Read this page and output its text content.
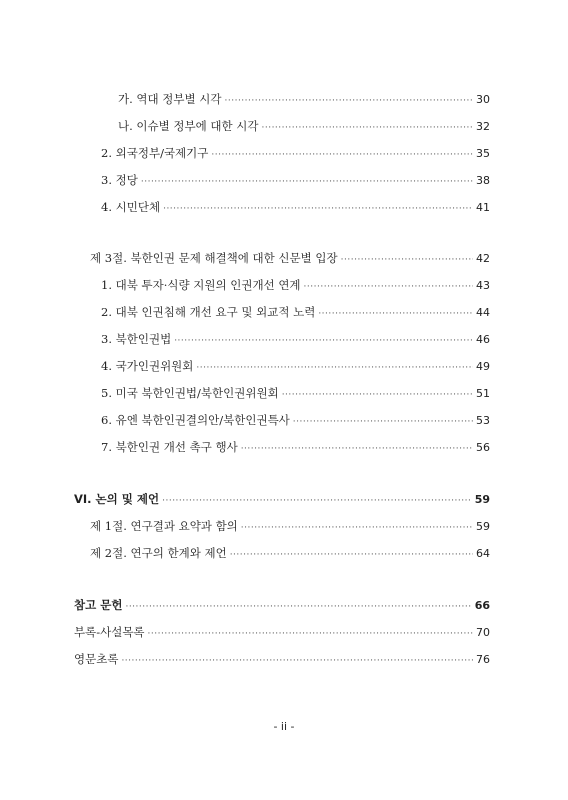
가. 역대 정부별 시각 ·····	30
나. 이슈별 정부에 대한 시각 ·····	32
2. 외국정부/국제기구 ·····	35
3. 정당 ·····	38
4. 시민단체 ·····	41
제 3절. 북한인권 문제 해결책에 대한 신문별 입장 ·····	42
1. 대북 투자·식량 지원의 인권개선 연계 ·····	43
2. 대북 인권침해 개선 요구 및 외교적 노력 ·····	44
3. 북한인권법 ·····	46
4. 국가인권위원회 ·····	49
5. 미국 북한인권법/북한인권위원회 ·····	51
6. 유엔 북한인권결의안/북한인권특사 ·····	53
7. 북한인권 개선 촉구 행사 ·····	56
VI. 논의 및 제언 ·····	59
제 1절. 연구결과 요약과 함의 ·····	59
제 2절. 연구의 한계와 제언 ·····	64
참고 문헌 ·····	66
부록-사설목록 ·····	70
영문초록 ·····	76
- ii -
